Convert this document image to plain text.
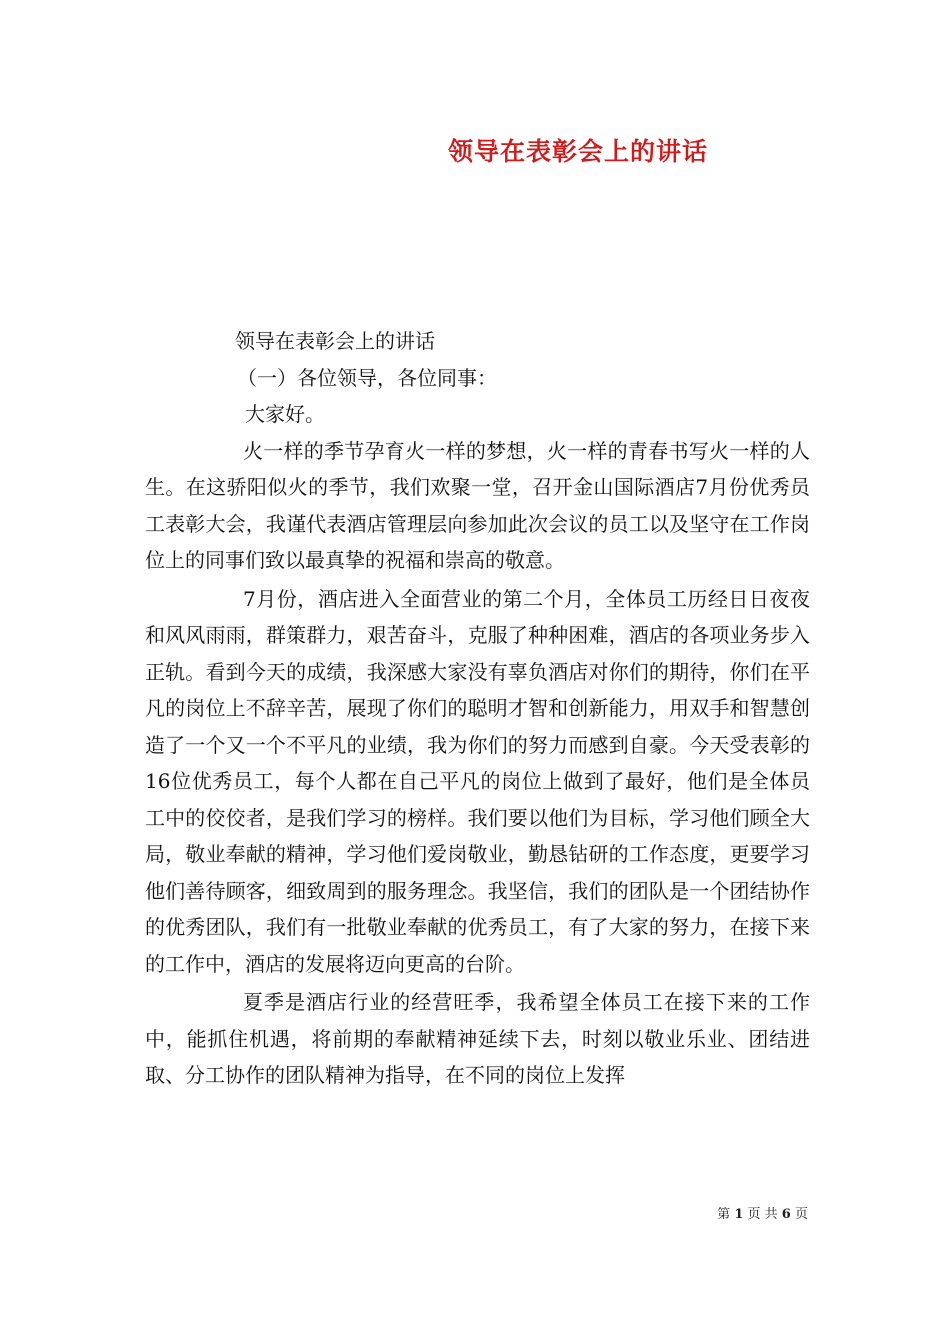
领导在表彰会上的讲话
领导在表彰会上的讲话
（一）各位领导，各位同事：
大家好。

火一样的季节孕育火一样的梦想，火一样的青春书写火一样的人生。在这骄阳似火的季节，我们欢聚一堂，召开金山国际酒店7月份优秀员工表彰大会，我谨代表酒店管理层向参加此次会议的员工以及坚守在工作岗位上的同事们致以最真挚的祝福和崇高的敬意。

7月份，酒店进入全面营业的第二个月，全体员工历经日日夜夜和风风雨雨，群策群力，艰苦奋斗，克服了种种困难，酒店的各项业务步入正轨。看到今天的成绩，我深感大家没有辜负酒店对你们的期待，你们在平凡的岗位上不辞辛苦，展现了你们的聪明才智和创新能力，用双手和智慧创造了一个又一个不平凡的业绩，我为你们的努力而感到自豪。今天受表彰的16位优秀员工，每个人都在自己平凡的岗位上做到了最好，他们是全体员工中的佼佼者，是我们学习的榜样。我们要以他们为目标，学习他们顾全大局，敬业奉献的精神，学习他们爱岗敬业，勤恳钻研的工作态度，更要学习他们善待顾客，细致周到的服务理念。我坚信，我们的团队是一个团结协作的优秀团队，我们有一批敬业奉献的优秀员工，有了大家的努力，在接下来的工作中，酒店的发展将迈向更高的台阶。

夏季是酒店行业的经营旺季，我希望全体员工在接下来的工作中，能抓住机遇，将前期的奉献精神延续下去，时刻以敬业乐业、团结进取、分工协作的团队精神为指导，在不同的岗位上发挥

第 1 页 共 6 页
